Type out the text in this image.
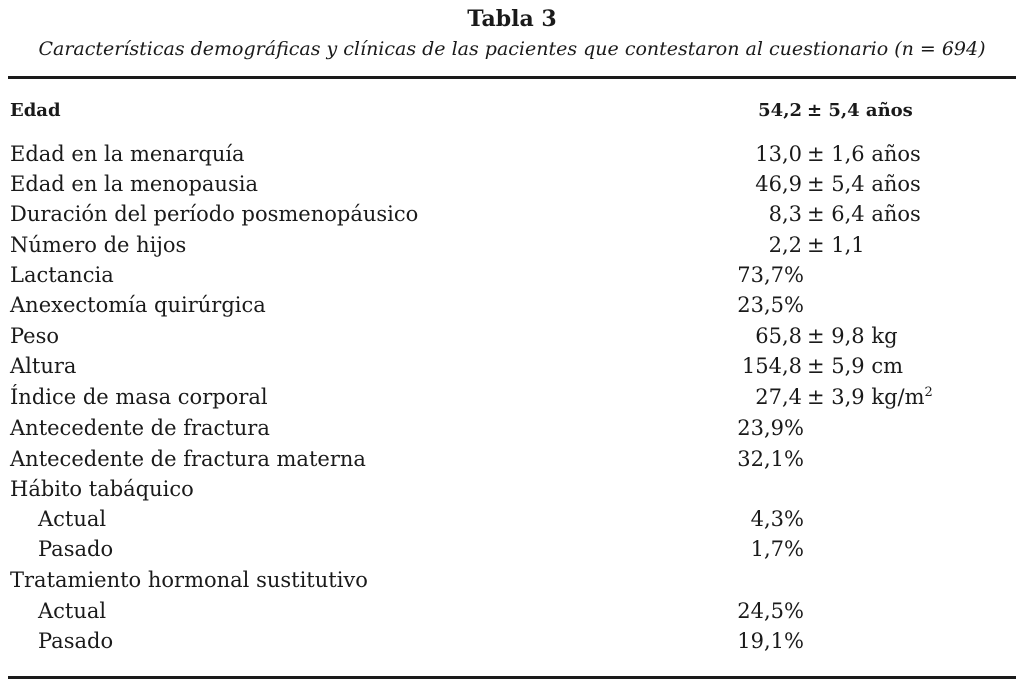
Tabla 3
Características demográficas y clínicas de las pacientes que contestaron al cuestionario (n = 694)
Edad	54,2 ± 5,4 años
Edad en la menarquía	13,0 ± 1,6 años
Edad en la menopausia	46,9 ± 5,4 años
Duración del período posmenopáusico	8,3 ± 6,4 años
Número de hijos	2,2 ± 1,1
Lactancia	73,7%
Anexectomía quirúrgica	23,5%
Peso	65,8 ± 9,8 kg
Altura	154,8 ± 5,9 cm
Índice de masa corporal	27,4 ± 3,9 $kg/m^2$
Antecedente de fractura	23,9%
Antecedente de fractura materna	32,1%
Hábito tabáquico
Actual	4,3%
Pasado	1,7%
Tratamiento hormonal sustitutivo
Actual	24,5%
Pasado	19,1%
